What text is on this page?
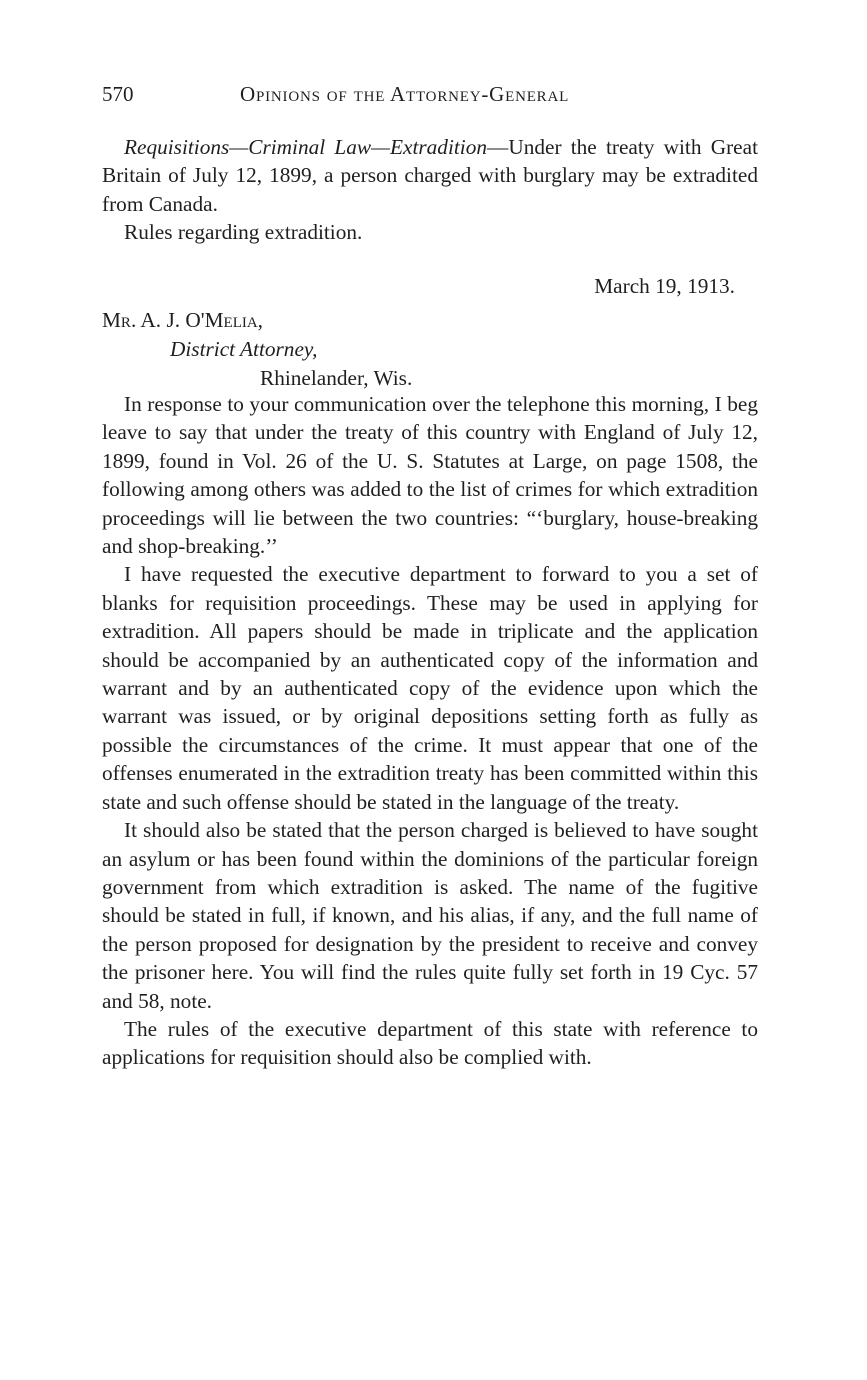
570	Opinions of the Attorney-General

Requisitions—Criminal Law—Extradition—Under the treaty with Great Britain of July 12, 1899, a person charged with burglary may be extradited from Canada.

Rules regarding extradition.

March 19, 1913.
Mr. A. J. O'Melia,
District Attorney,
Rhinelander, Wis.

In response to your communication over the telephone this morning, I beg leave to say that under the treaty of this country with England of July 12, 1899, found in Vol. 26 of the U. S. Statutes at Large, on page 1508, the following among others was added to the list of crimes for which extradition proceedings will lie between the two countries: “‘burglary, house-breaking and shop-breaking.’’

I have requested the executive department to forward to you a set of blanks for requisition proceedings. These may be used in applying for extradition. All papers should be made in triplicate and the application should be accompanied by an authenticated copy of the information and warrant and by an authenticated copy of the evidence upon which the warrant was issued, or by original depositions setting forth as fully as possible the circumstances of the crime. It must appear that one of the offenses enumerated in the extradition treaty has been committed within this state and such offense should be stated in the language of the treaty.

It should also be stated that the person charged is believed to have sought an asylum or has been found within the dominions of the particular foreign government from which extradition is asked. The name of the fugitive should be stated in full, if known, and his alias, if any, and the full name of the person proposed for designation by the president to receive and convey the prisoner here. You will find the rules quite fully set forth in 19 Cyc. 57 and 58, note.

The rules of the executive department of this state with reference to applications for requisition should also be complied with.
